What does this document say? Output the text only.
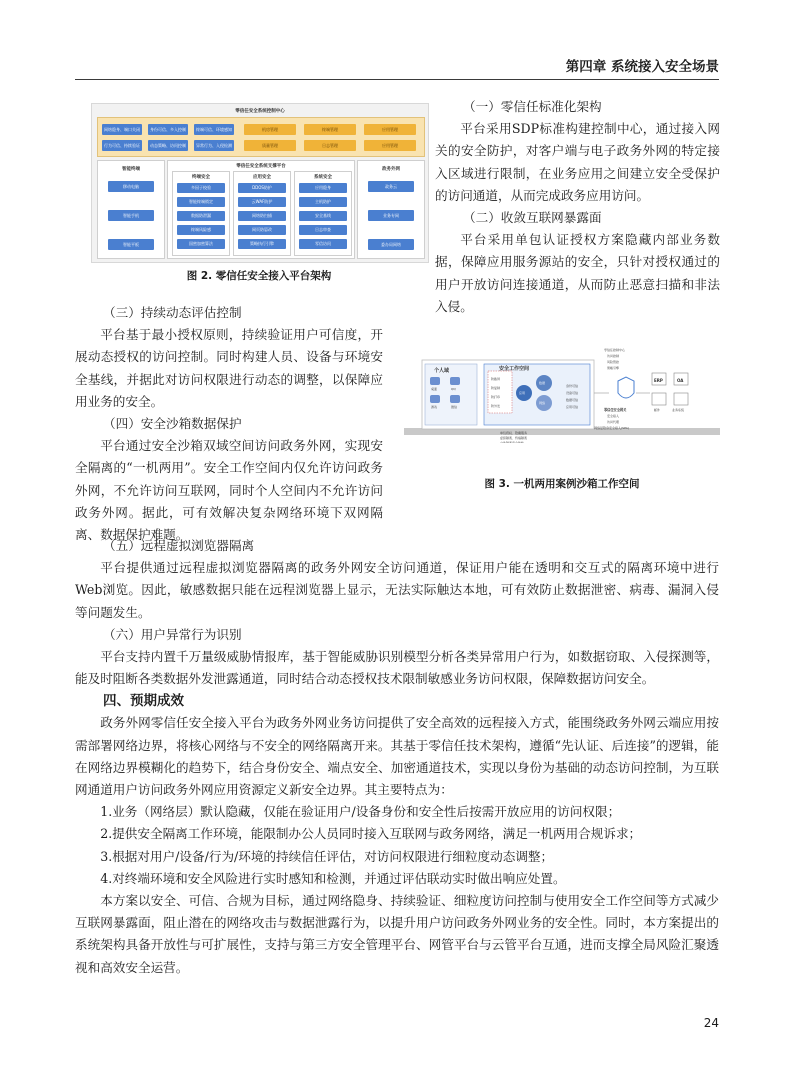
第四章 系统接入安全场景
零信任安全系统控制中心
网络隐身、端口关闭	身份可信、多入控制	终端可信、环境感知	机房管理	终端管理	应用管理
行为可信、持续验证	动态策略、访问控制	异常行为、入侵检测	质量管理	日志管理	应用管理
智能终端
移动电脑
智能手机
智能平板
零信任安全系统支撑平台
终端安全
多因子校验
智能终端锁定
数据防泄漏
终端风险感
国密加密算法
应用安全
DDOS防护
云WAF防护
网络防扫描
网页防篡改
策略执行引擎
系统安全
应用隐身
主机防护
安全基线
日志审查
零信访问
政务外网
政务云
业务专网
委办局网络
图 2. 零信任安全接入平台架构

（一）零信任标准化架构

平台采用SDP标准构建控制中心，通过接入网关的安全防护，对客户端与电子政务外网的特定接入区域进行限制，在业务应用之间建立安全受保护的访问通道，从而完成政务应用访问。

（二）收敛互联网暴露面

平台采用单包认证授权方案隐藏内部业务数据，保障应用服务源站的安全，只针对授权通过的用户开放访问连接通道，从而防止恶意扫描和非法入侵。

（三）持续动态评估控制

平台基于最小授权原则，持续验证用户可信度，开展动态授权的访问控制。同时构建人员、设备与环境安全基线，并据此对访问权限进行动态的调整，以保障应用业务的安全。

（四）安全沙箱数据保护

平台通过安全沙箱双域空间访问政务外网，实现安全隔离的“一机两用”。安全工作空间内仅允许访问政务外网，不允许访问互联网，同时个人空间内不允许访问政务外网。据此，可有效解决复杂网络环境下双网隔离、数据保护难题。

个人域	安全工作空间
桌面	QQ
游戏	微信
防截屏
防复制
防打印
防外发
应用
数据
网络
身份可信
设备可信
数据可信
应用可信
零信任控制中心
访问控制
风险管控
策略引擎
零信任安全网关
安全接入
访问代理
网络层隐身安全接入(SPA)
单包授权、隐藏服务
虚拟隔离、终端隔离
文件隔离安全传输
ERP	OA
邮件	业务系统
图 3. 一机两用案例沙箱工作空间

（五）远程虚拟浏览器隔离

平台提供通过远程虚拟浏览器隔离的政务外网安全访问通道，保证用户能在透明和交互式的隔离环境中进行Web浏览。因此，敏感数据只能在远程浏览器上显示，无法实际触达本地，可有效防止数据泄密、病毒、漏洞入侵等问题发生。

（六）用户异常行为识别

平台支持内置千万量级威胁情报库，基于智能威胁识别模型分析各类异常用户行为，如数据窃取、入侵探测等，能及时阻断各类数据外发泄露通道，同时结合动态授权技术限制敏感业务访问权限，保障数据访问安全。

四、预期成效

政务外网零信任安全接入平台为政务外网业务访问提供了安全高效的远程接入方式，能围绕政务外网云端应用按需部署网络边界，将核心网络与不安全的网络隔离开来。其基于零信任技术架构，遵循“先认证、后连接”的逻辑，能在网络边界模糊化的趋势下，结合身份安全、端点安全、加密通道技术，实现以身份为基础的动态访问控制，为互联网通道用户访问政务外网应用资源定义新安全边界。其主要特点为：

1.业务（网络层）默认隐藏，仅能在验证用户/设备身份和安全性后按需开放应用的访问权限；

2.提供安全隔离工作环境，能限制办公人员同时接入互联网与政务网络，满足一机两用合规诉求；

3.根据对用户/设备/行为/环境的持续信任评估，对访问权限进行细粒度动态调整；

4.对终端环境和安全风险进行实时感知和检测，并通过评估联动实时做出响应处置。

本方案以安全、可信、合规为目标，通过网络隐身、持续验证、细粒度访问控制与使用安全工作空间等方式减少互联网暴露面，阻止潜在的网络攻击与数据泄露行为，以提升用户访问政务外网业务的安全性。同时，本方案提出的系统架构具备开放性与可扩展性，支持与第三方安全管理平台、网管平台与云管平台互通，进而支撑全局风险汇聚透视和高效安全运营。

24
